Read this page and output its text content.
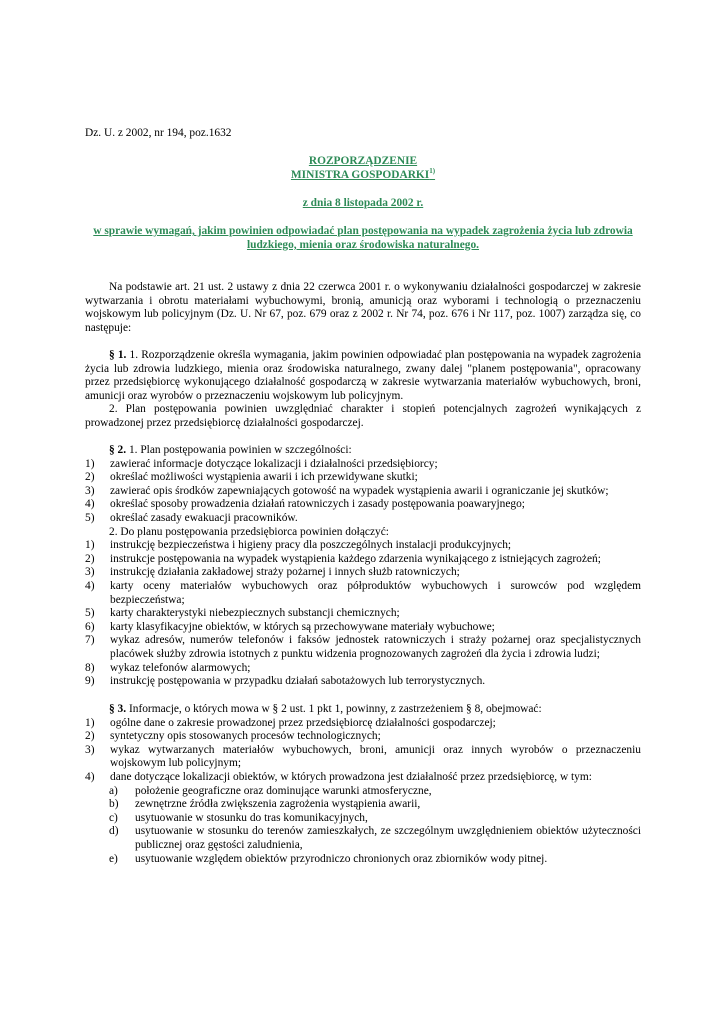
Dz. U. z 2002, nr 194, poz.1632

ROZPORZĄDZENIE
MINISTRA GOSPODARKI$^{1)}$

z dnia 8 listopada 2002 r.

w sprawie wymagań, jakim powinien odpowiadać plan postępowania na wypadek zagrożenia życia lub zdrowia ludzkiego, mienia oraz środowiska naturalnego.

Na podstawie art. 21 ust. 2 ustawy z dnia 22 czerwca 2001 r. o wykonywaniu działalności gospodarczej w zakresie wytwarzania i obrotu materiałami wybuchowymi, bronią, amunicją oraz wyborami i technologią o przeznaczeniu wojskowym lub policyjnym (Dz. U. Nr 67, poz. 679 oraz z 2002 r. Nr 74, poz. 676 i Nr 117, poz. 1007) zarządza się, co następuje:

§ 1. 1. Rozporządzenie określa wymagania, jakim powinien odpowiadać plan postępowania na wypadek zagrożenia życia lub zdrowia ludzkiego, mienia oraz środowiska naturalnego, zwany dalej "planem postępowania", opracowany przez przedsiębiorcę wykonującego działalność gospodarczą w zakresie wytwarzania materiałów wybuchowych, broni, amunicji oraz wyrobów o przeznaczeniu wojskowym lub policyjnym.

2. Plan postępowania powinien uwzględniać charakter i stopień potencjalnych zagrożeń wynikających z prowadzonej przez przedsiębiorcę działalności gospodarczej.

§ 2. 1. Plan postępowania powinien w szczególności:

1) zawierać informacje dotyczące lokalizacji i działalności przedsiębiorcy;
2) określać możliwości wystąpienia awarii i ich przewidywane skutki;
3) zawierać opis środków zapewniających gotowość na wypadek wystąpienia awarii i ograniczanie jej skutków;
4) określać sposoby prowadzenia działań ratowniczych i zasady postępowania poawaryjnego;
5) określać zasady ewakuacji pracowników.

2. Do planu postępowania przedsiębiorca powinien dołączyć:

1) instrukcję bezpieczeństwa i higieny pracy dla poszczególnych instalacji produkcyjnych;
2) instrukcje postępowania na wypadek wystąpienia każdego zdarzenia wynikającego z istniejących zagrożeń;
3) instrukcję działania zakładowej straży pożarnej i innych służb ratowniczych;
4) karty oceny materiałów wybuchowych oraz półproduktów wybuchowych i surowców pod względem bezpieczeństwa;
5) karty charakterystyki niebezpiecznych substancji chemicznych;
6) karty klasyfikacyjne obiektów, w których są przechowywane materiały wybuchowe;
7) wykaz adresów, numerów telefonów i faksów jednostek ratowniczych i straży pożarnej oraz specjalistycznych placówek służby zdrowia istotnych z punktu widzenia prognozowanych zagrożeń dla życia i zdrowia ludzi;
8) wykaz telefonów alarmowych;
9) instrukcję postępowania w przypadku działań sabotażowych lub terrorystycznych.

§ 3. Informacje, o których mowa w § 2 ust. 1 pkt 1, powinny, z zastrzeżeniem § 8, obejmować:

1) ogólne dane o zakresie prowadzonej przez przedsiębiorcę działalności gospodarczej;
2) syntetyczny opis stosowanych procesów technologicznych;
3) wykaz wytwarzanych materiałów wybuchowych, broni, amunicji oraz innych wyrobów o przeznaczeniu wojskowym lub policyjnym;
4) dane dotyczące lokalizacji obiektów, w których prowadzona jest działalność przez przedsiębiorcę, w tym:
a) położenie geograficzne oraz dominujące warunki atmosferyczne,
b) zewnętrzne źródła zwiększenia zagrożenia wystąpienia awarii,
c) usytuowanie w stosunku do tras komunikacyjnych,
d) usytuowanie w stosunku do terenów zamieszkałych, ze szczególnym uwzględnieniem obiektów użyteczności publicznej oraz gęstości zaludnienia,
e) usytuowanie względem obiektów przyrodniczo chronionych oraz zbiorników wody pitnej.
